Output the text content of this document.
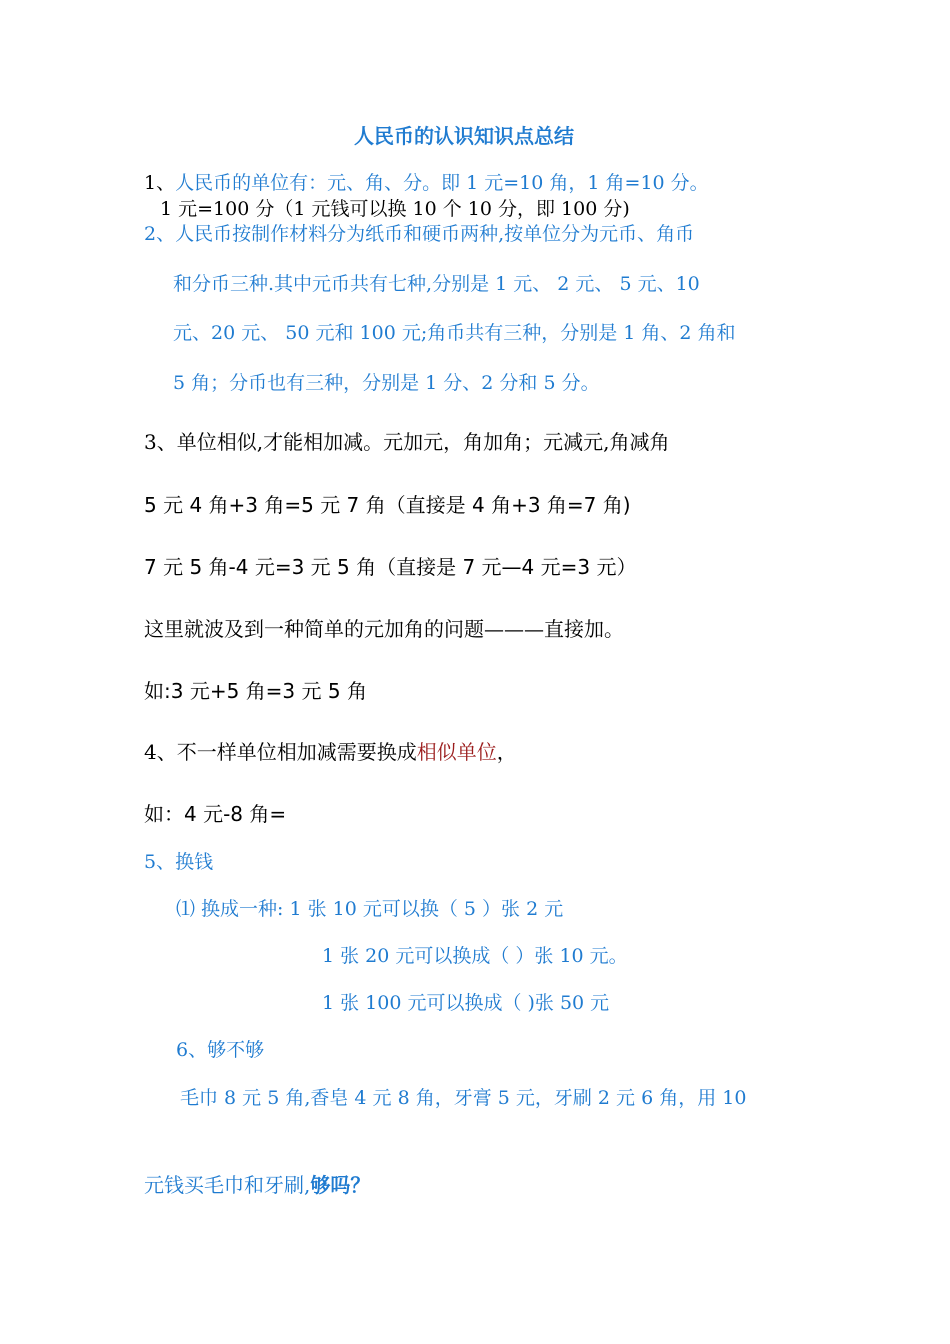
人民币的认识知识点总结
1、人民币的单位有：元、角、分。即 1 元=10 角，1 角=10 分。
1 元=100 分（1 元钱可以换 10 个 10 分，即 100 分)
2、人民币按制作材料分为纸币和硬币两种,按单位分为元币、角币
和分币三种.其中元币共有七种,分别是 1 元、 2 元、 5 元、10
元、20 元、 50 元和 100 元;角币共有三种，分别是 1 角、2 角和
5 角；分币也有三种，分别是 1 分、2 分和 5 分。
3、单位相似,才能相加减。元加元，角加角；元减元,角减角
5 元 4 角+3 角=5 元 7 角（直接是 4 角+3 角=7 角)
7 元 5 角-4 元=3 元 5 角（直接是 7 元—4 元=3 元）
这里就波及到一种简单的元加角的问题———直接加。
如:3 元+5 角=3 元 5 角
4、不一样单位相加减需要换成相似单位，
如：4 元-8 角=
5、换钱
⑴ 换成一种: 1 张 10 元可以换（ 5 ）张 2 元
1 张 20 元可以换成（ ）张 10 元。
1 张 100 元可以换成（ )张 50 元
6、够不够
毛巾 8 元 5 角,香皂 4 元 8 角，牙膏 5 元，牙刷 2 元 6 角，用 10
元钱买毛巾和牙刷,够吗？
